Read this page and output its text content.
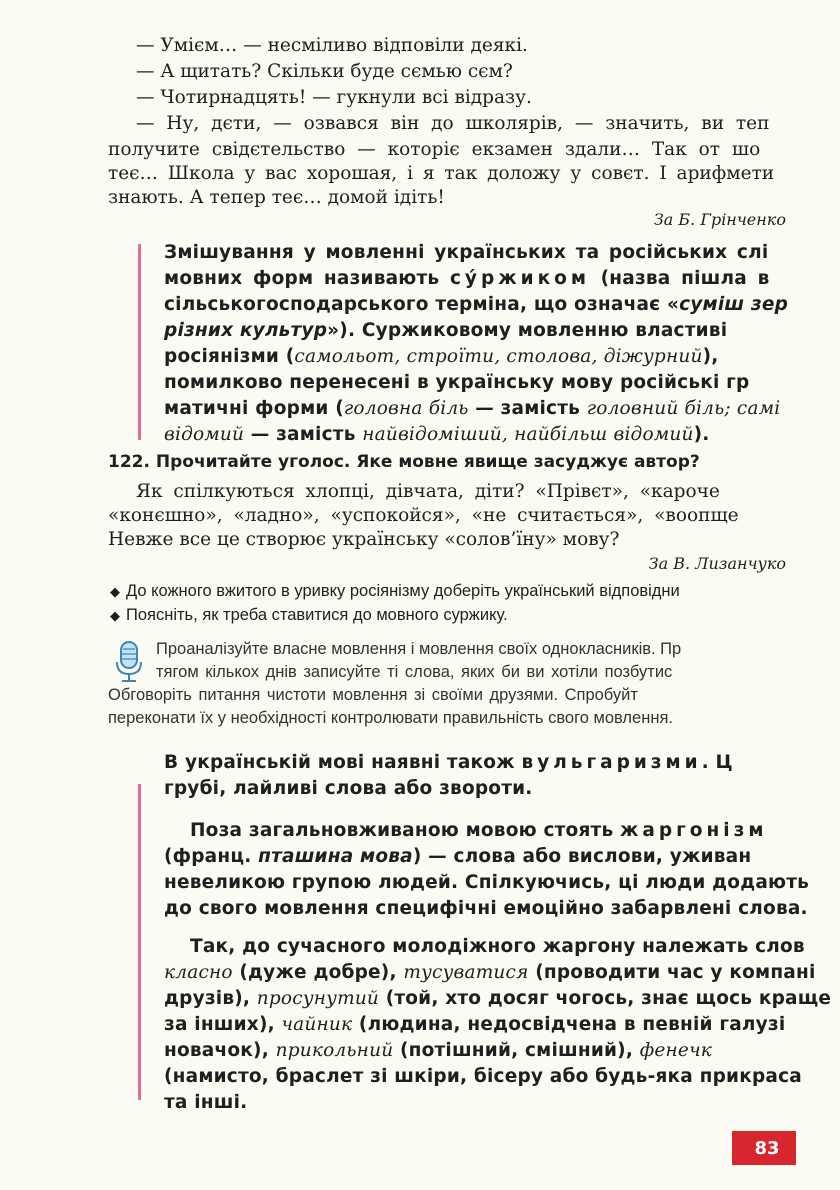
— Умієм… — несміливо відповіли деякі.
— А щитать? Скільки буде сємью сєм?
— Чотирнадцять! — гукнули всі відразу.
— Ну, дєти, — озвався він до школярів, — значить, ви теп
получите свідєтельство — которіє екзамен здали… Так от шо
теє… Школа у вас хорошая, і я так доложу у совєт. І арифмети
знають. А тепер теє… домой ідіть!
За Б. Грінченко
Змішування у мовленні українських та російських слі
мовних форм називають сýржиком (назва пішла в
сільськогосподарського терміна, що означає «суміш зер
різних культур»). Суржиковому мовленню властиві
росіянізми (самольот, строїти, столова, діжурний),
помилково перенесені в українську мову російські гр
матичні форми (головна біль — замість головний біль; самі
відомий — замість найвідоміший, найбільш відомий).
122. Прочитайте уголос. Яке мовне явище засуджує автор?
Як спілкуються хлопці, дівчата, діти? «Прівєт», «кароче
«конєшно», «ладно», «успокойся», «не считається», «воопще
Невже все це створює українську «солов’їну» мову?
За В. Лизанчуко
◆ До кожного вжитого в уривку росіянізму доберіть український відповідни
◆ Поясніть, як треба ставитися до мовного суржику.
Проаналізуйте власне мовлення і мовлення своїх однокласників. Пр
тягом кількох днів записуйте ті слова, яких би ви хотіли позбутис
Обговоріть питання чистоти мовлення зі своїми друзями. Спробуйт
переконати їх у необхідності контролювати правильність свого мовлення.
В українській мові наявні також вульгаризми. Ц
грубі, лайливі слова або звороти.
Поза загальновживаною мовою стоять жаргонізм
(франц. пташина мова) — слова або вислови, уживан
невеликою групою людей. Спілкуючись, ці люди додають
до свого мовлення специфічні емоційно забарвлені слова.
Так, до сучасного молодіжного жаргону належать слов
класно (дуже добре), тусуватися (проводити час у компані
друзів), просунутий (той, хто досяг чогось, знає щось краще
за інших), чайник (людина, недосвідчена в певній галузі
новачок), прикольний (потішний, смішний), фенечк
(намисто, браслет зі шкіри, бісеру або будь-яка прикраса
та інші.
83
